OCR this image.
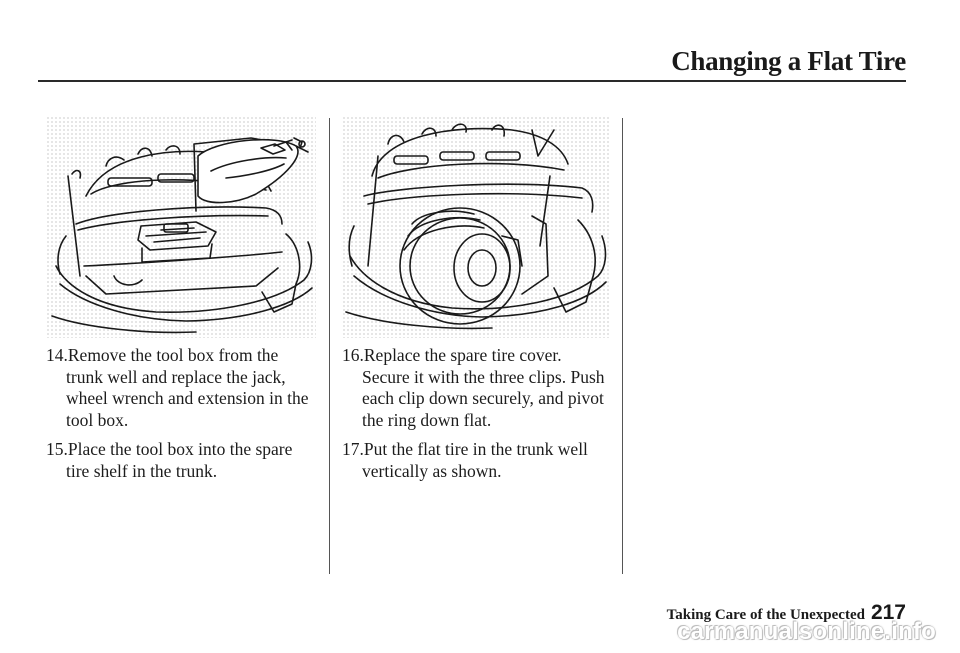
Changing a Flat Tire
14.Remove the tool box from the
trunk well and replace the jack, wheel wrench and extension in the tool box.
15.Place the tool box into the spare
tire shelf in the trunk.
16.Replace the spare tire cover.
Secure it with the three clips. Push each clip down securely, and pivot the ring down flat.
17.Put the flat tire in the trunk well
vertically as shown.
Taking Care of the Unexpected 217
carmanualsonline.info
